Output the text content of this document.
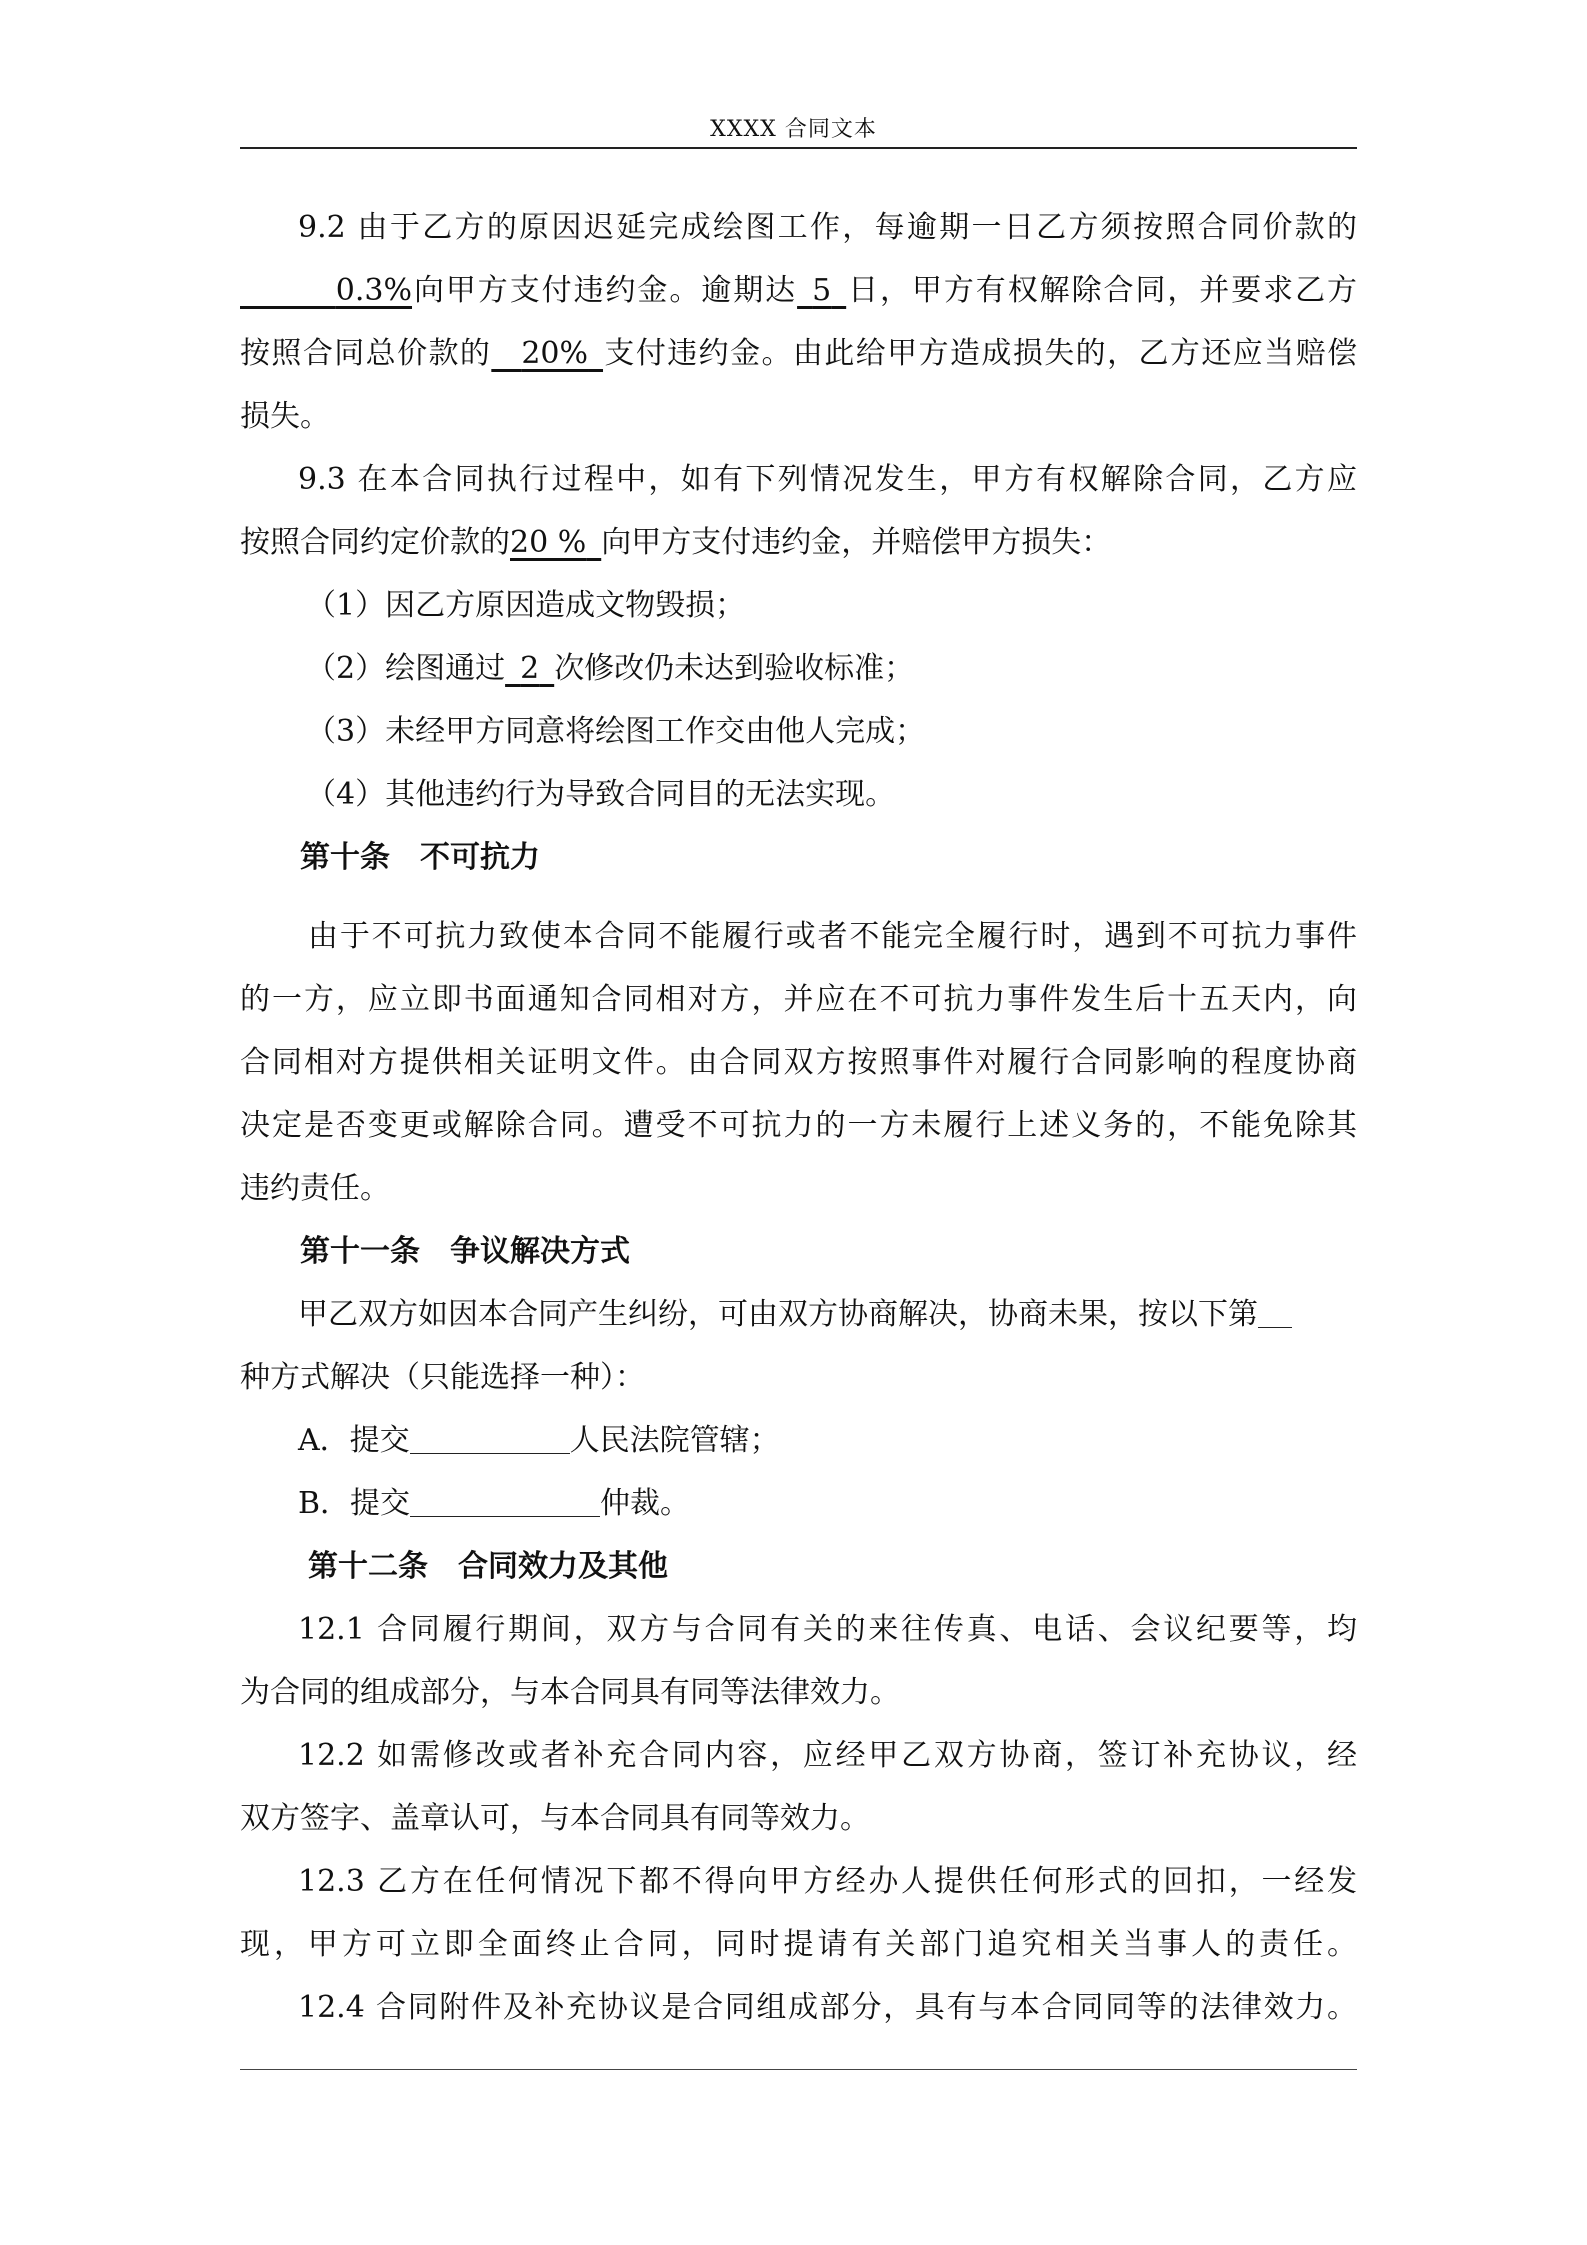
XXXX 合同文本
9.2 由于乙方的原因迟延完成绘图工作，每逾期一日乙方须按照合同价款的
　　　0.3%向甲方支付违约金。逾期达  5  日，甲方有权解除合同，并要求乙方
按照合同总价款的   20%  支付违约金。由此给甲方造成损失的，乙方还应当赔偿
损失。
9.3 在本合同执行过程中，如有下列情况发生，甲方有权解除合同，乙方应
按照合同约定价款的20 %  向甲方支付违约金，并赔偿甲方损失：
（1）因乙方原因造成文物毁损；
（2）绘图通过  2  次修改仍未达到验收标准；
（3）未经甲方同意将绘图工作交由他人完成；
（4）其他违约行为导致合同目的无法实现。
第十条　不可抗力
由于不可抗力致使本合同不能履行或者不能完全履行时，遇到不可抗力事件
的一方，应立即书面通知合同相对方，并应在不可抗力事件发生后十五天内，向
合同相对方提供相关证明文件。由合同双方按照事件对履行合同影响的程度协商
决定是否变更或解除合同。遭受不可抗力的一方未履行上述义务的，不能免除其
违约责任。
第十一条　争议解决方式
甲乙双方如因本合同产生纠纷，可由双方协商解决，协商未果，按以下第
种方式解决（只能选择一种）：
A．提交	人民法院管辖；
B．提交	仲裁。
第十二条　合同效力及其他
12.1 合同履行期间，双方与合同有关的来往传真、电话、会议纪要等，均
为合同的组成部分，与本合同具有同等法律效力。
12.2 如需修改或者补充合同内容，应经甲乙双方协商，签订补充协议，经
双方签字、盖章认可，与本合同具有同等效力。
12.3 乙方在任何情况下都不得向甲方经办人提供任何形式的回扣，一经发
现，甲方可立即全面终止合同，同时提请有关部门追究相关当事人的责任。
12.4 合同附件及补充协议是合同组成部分，具有与本合同同等的法律效力。
